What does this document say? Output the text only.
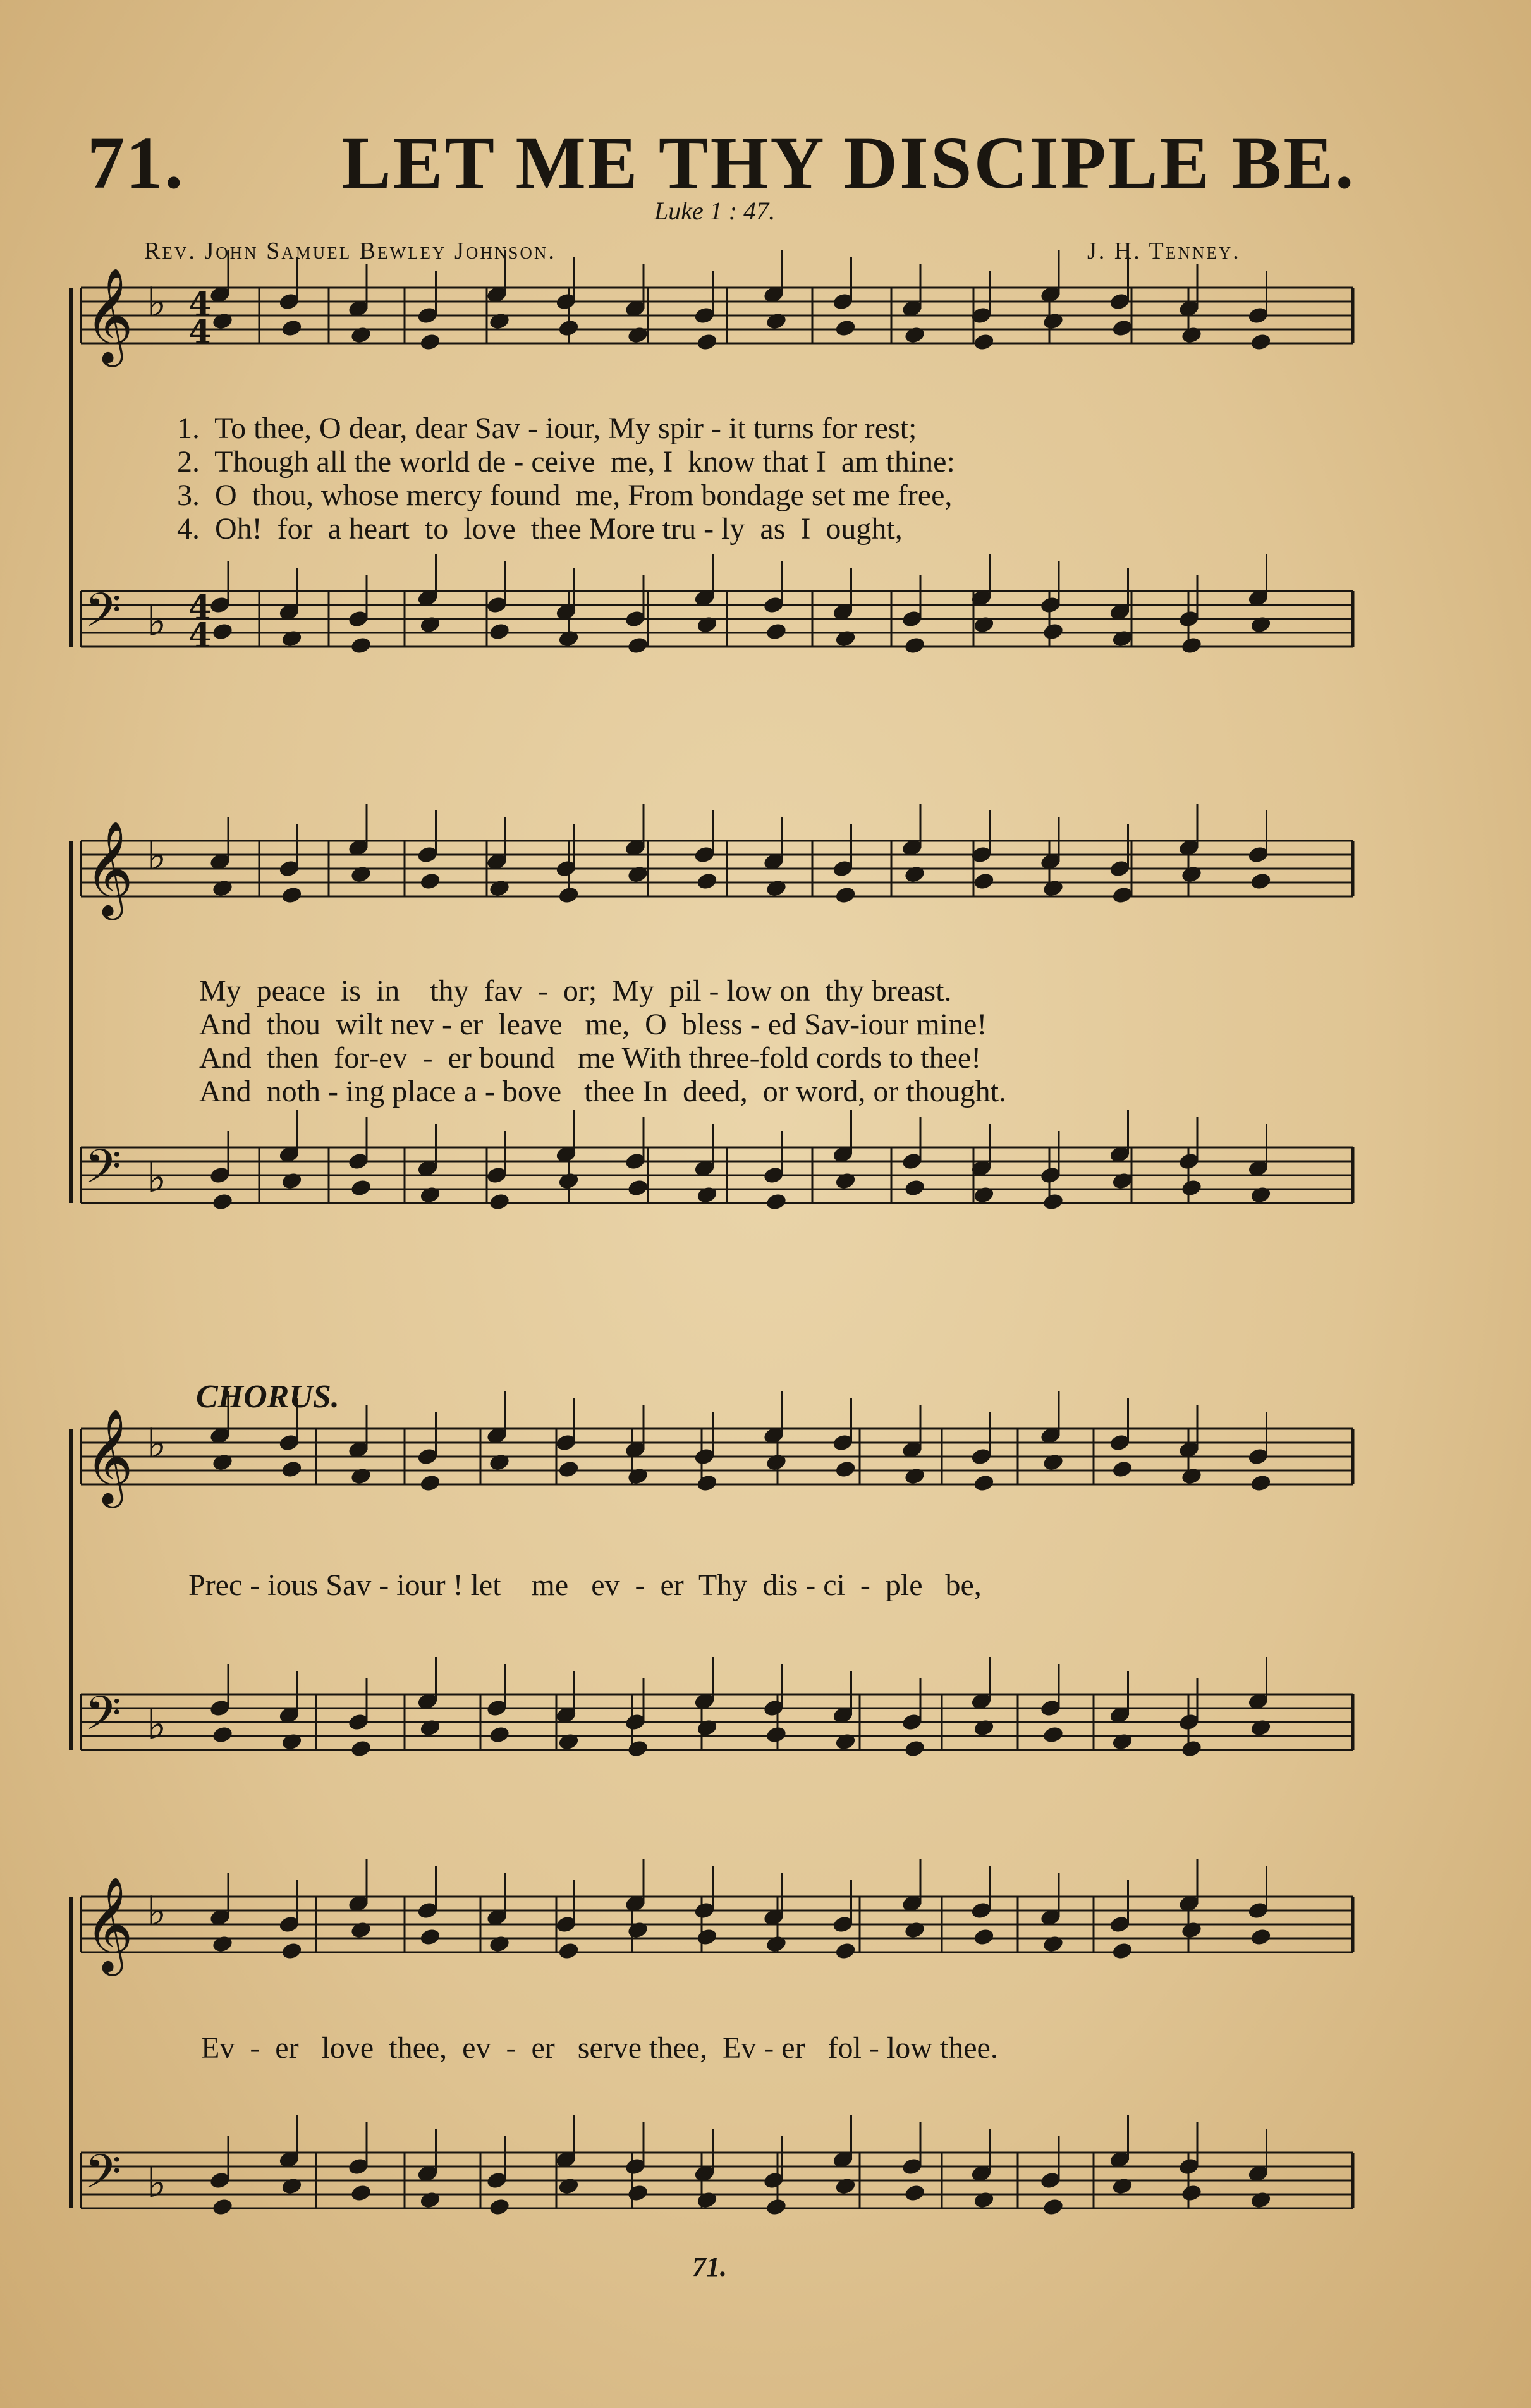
𝄞 ♭
𝄢 ♭
𝄞 ♭
𝄢 ♭
𝄞 ♭
𝄢 ♭
𝄞 ♭
𝄢 ♭
4
4
4
4
71. LET ME THY DISCIPLE BE.
Luke 1 : 47.
Rev. John Samuel Bewley Johnson.	J. H. Tenney.
1.  To thee, O dear, dear Sav - iour, My spir - it turns for rest;
2.  Though all the world de - ceive  me, I  know that I  am thine:
3.  O  thou, whose mercy found  me, From bondage set me free,
4.  Oh!  for  a heart  to  love  thee More tru - ly  as  I  ought,
My  peace  is  in    thy  fav  -  or;  My  pil - low on  thy breast.
And  thou  wilt nev - er  leave   me,  O  bless - ed Sav-iour mine!
And  then  for-ev  -  er bound   me With three-fold cords to thee!
And  noth - ing place a - bove   thee In  deed,  or word, or thought.
CHORUS.
Prec - ious Sav - iour ! let    me   ev  -  er  Thy  dis - ci  -  ple   be,
Ev  -  er   love  thee,  ev  -  er   serve thee,  Ev - er   fol - low thee.
71.
